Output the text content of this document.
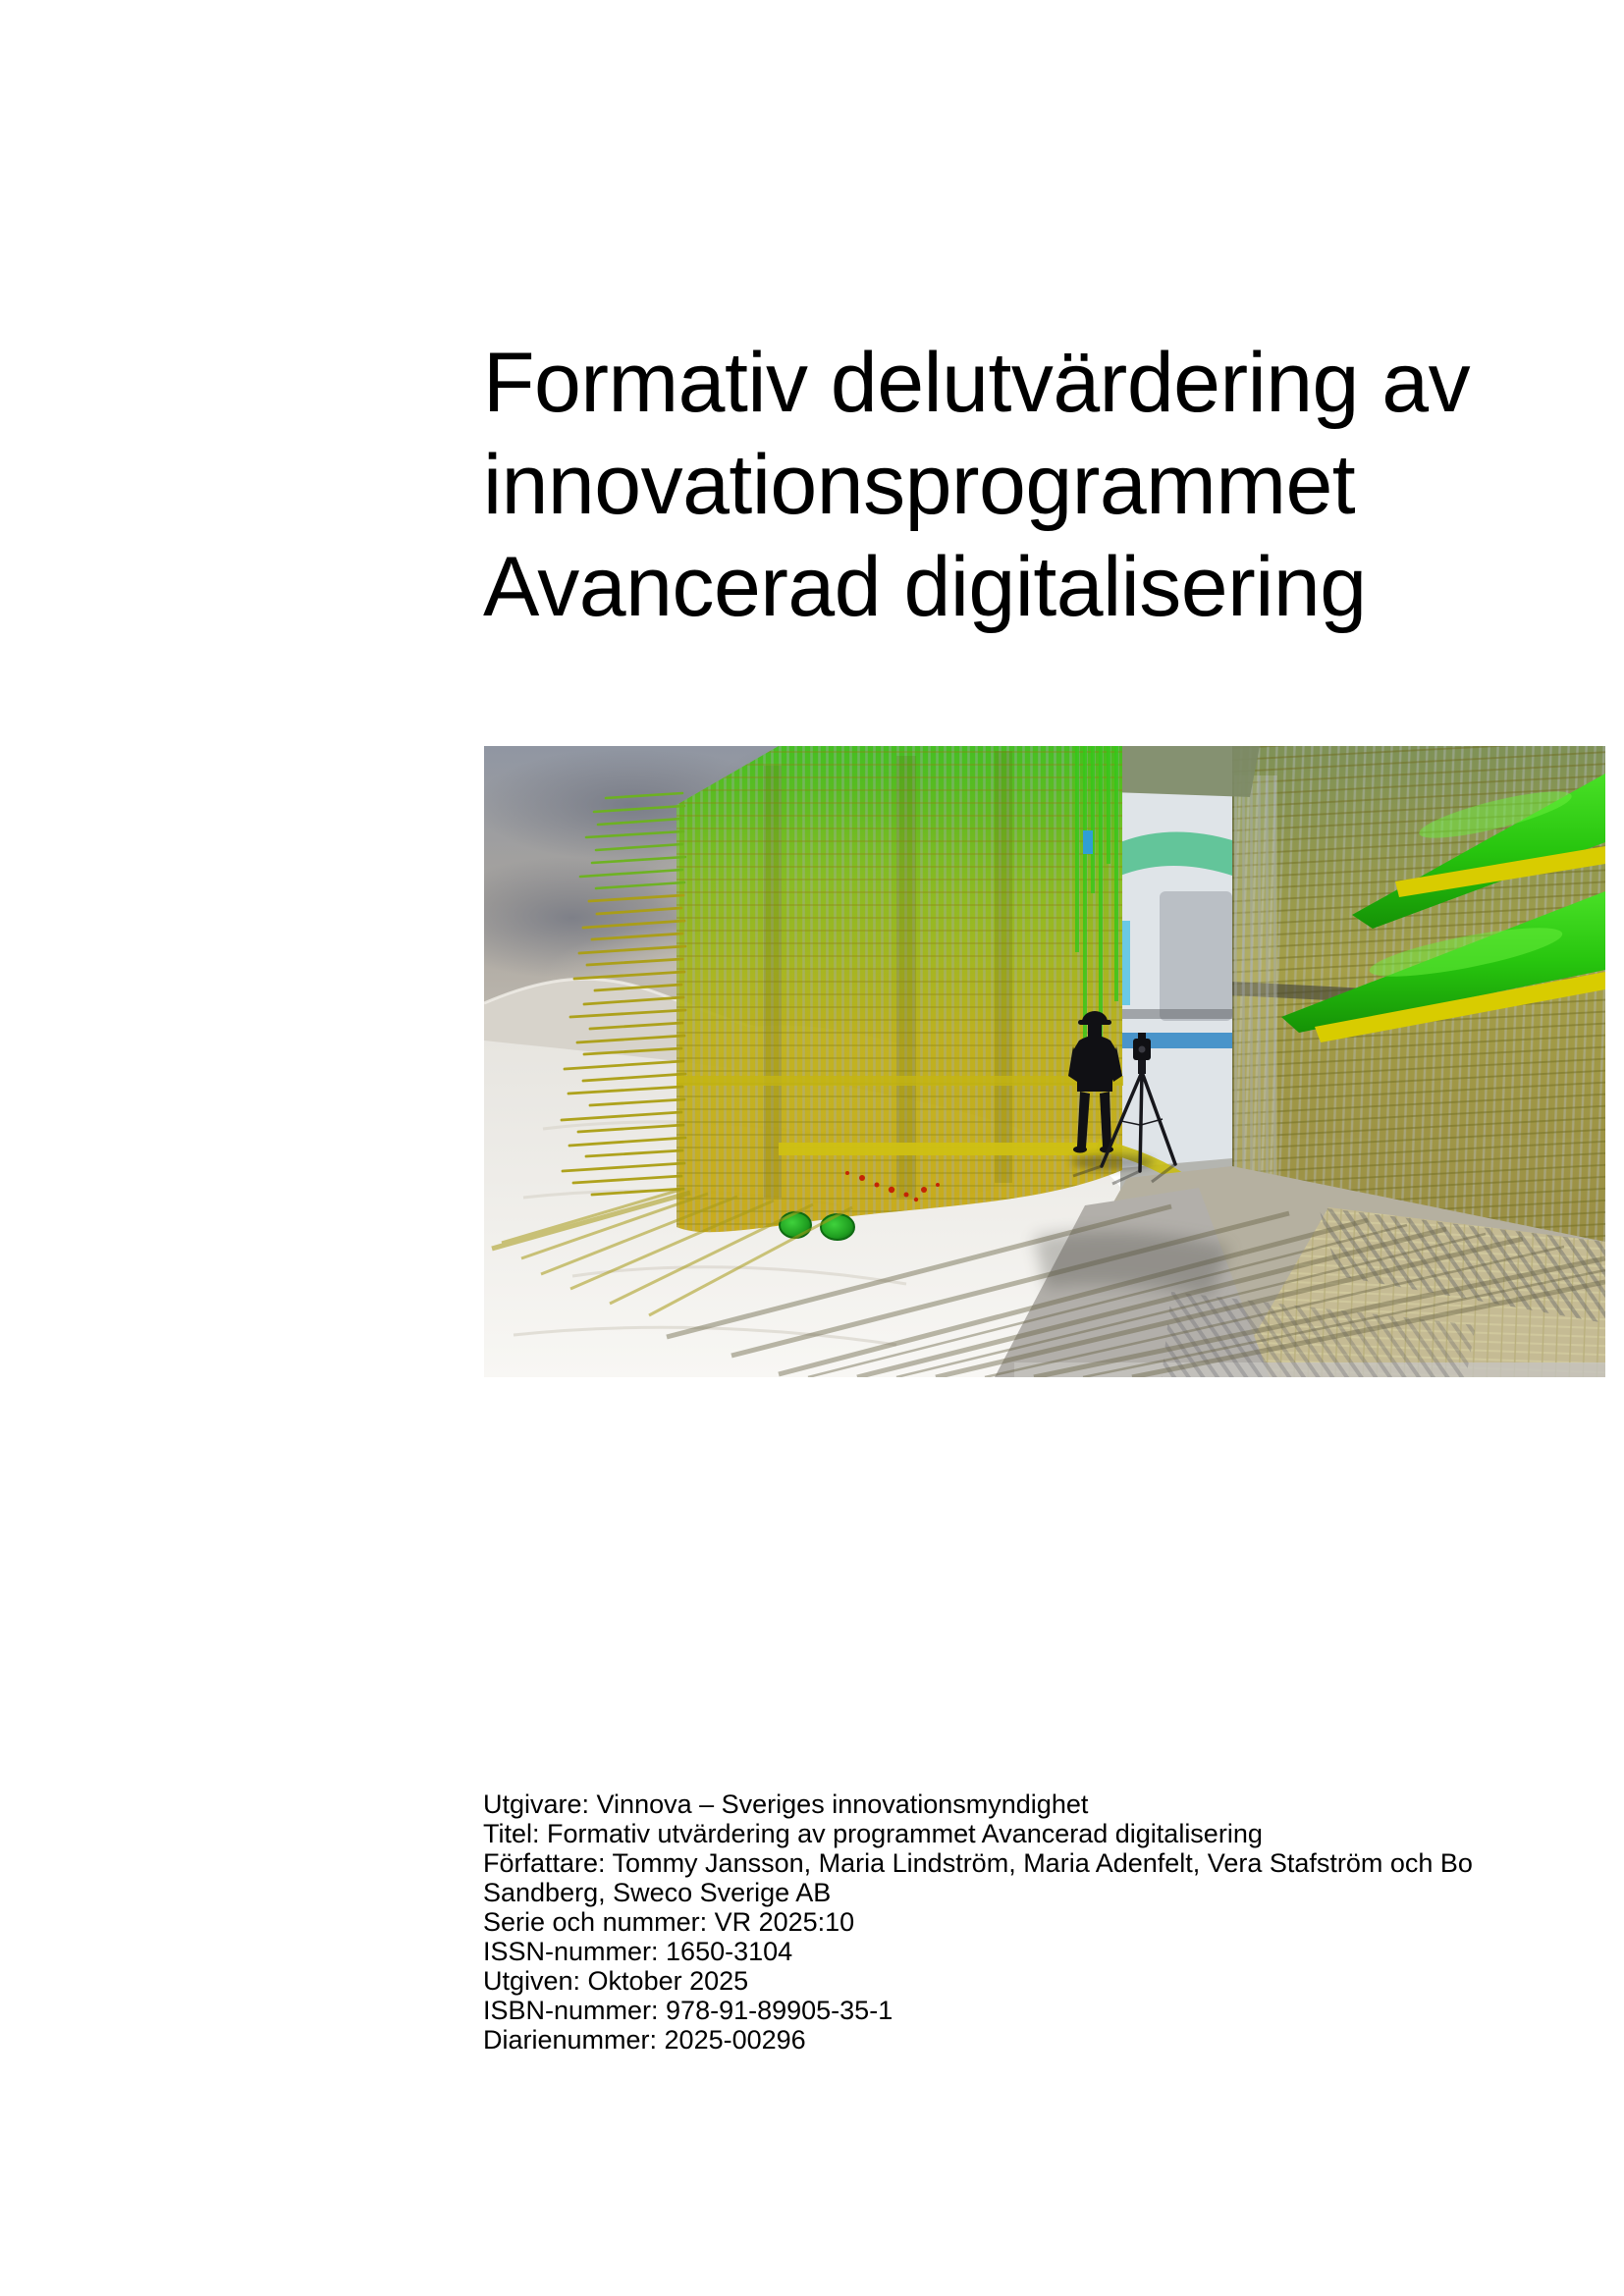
Formativ delutvärdering av
innovationsprogrammet
Avancerad digitalisering
Utgivare: Vinnova – Sveriges innovationsmyndighet
Titel: Formativ utvärdering av programmet Avancerad digitalisering
Författare: Tommy Jansson, Maria Lindström, Maria Adenfelt, Vera Stafström och Bo Sandberg, Sweco Sverige AB
Serie och nummer: VR 2025:10
ISSN-nummer: 1650-3104
Utgiven: Oktober 2025
ISBN-nummer: 978-91-89905-35-1
Diarienummer: 2025-00296
